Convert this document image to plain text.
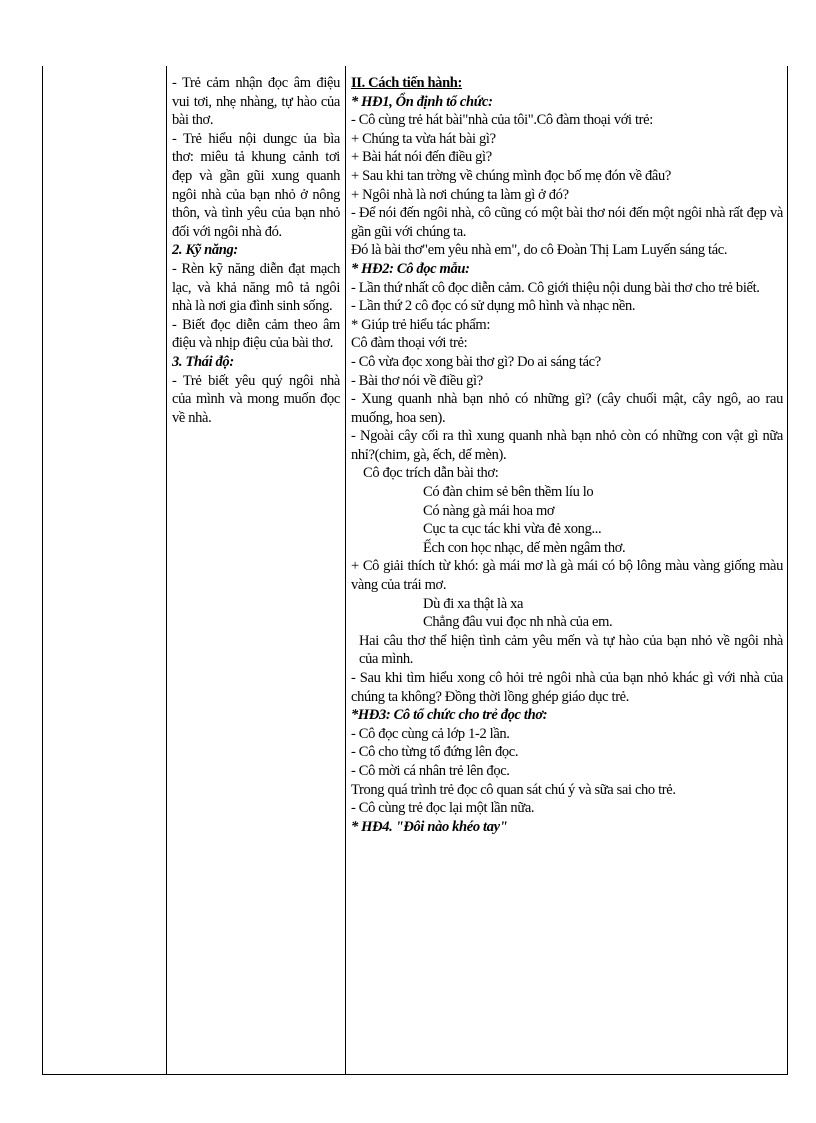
- Trẻ cảm nhận đọc âm điệu vui tơi, nhẹ nhàng, tự hào của bài thơ.
- Trẻ hiểu nội dungc ủa bìa thơ: miêu tả khung cảnh tơi đẹp và gần gũi xung quanh ngôi nhà của bạn nhỏ ở nông thôn, và tình yêu của bạn nhỏ đối với ngôi nhà đó.
2. Kỹ năng:
- Rèn kỹ năng diễn đạt mạch lạc, và khả năng mô tả ngôi nhà là nơi gia đình sinh sống.
- Biết đọc diễn cảm theo âm điệu và nhịp điệu của bài thơ.
3. Thái độ:
- Trẻ biết yêu quý ngôi nhà của mình và mong muốn đọc về nhà.
II. Cách tiến hành:
* HĐ1, Ổn định tổ chức:
- Cô cùng trẻ hát bài"nhà của tôi".Cô đàm thoại với trẻ:
+ Chúng ta vừa hát bài gì?
+ Bài hát nói đến điều gì?
+ Sau khi tan trờng về chúng mình đọc bố mẹ đón về đâu?
+ Ngôi nhà là nơi chúng ta làm gì ở đó?
- Để nói đến ngôi nhà, cô cũng có một bài thơ nói đến một ngôi nhà rất đẹp và gần gũi với chúng ta.
Đó là bài thơ"em yêu nhà em", do cô Đoàn Thị Lam Luyến sáng tác.
* HĐ2: Cô đọc mẫu:
- Lần thứ nhất cô đọc diễn cảm. Cô giới thiệu nội dung bài thơ cho trẻ biết.
- Lần thứ 2 cô đọc có sử dụng mô hình và nhạc nền.
* Giúp trẻ hiểu tác phẩm:
Cô đàm thoại với trẻ:
- Cô vừa đọc xong bài thơ gì? Do ai sáng tác?
- Bài thơ nói về điều gì?
- Xung quanh nhà bạn nhỏ có những gì? (cây chuối mật, cây ngô, ao rau muống, hoa sen).
- Ngoài cây cối ra thì xung quanh nhà bạn nhỏ còn có những con vật gì nữa nhỉ?(chim, gà, ếch, dế mèn).
Cô đọc trích dẫn bài thơ:
Có đàn chim sẻ bên thềm líu lo
Có nàng gà mái hoa mơ
Cục ta cục tác khi vừa đẻ xong...
Ếch con học nhạc, dế mèn ngâm thơ.
+ Cô giải thích từ khó: gà mái mơ là gà mái có bộ lông màu vàng giống màu vàng của trái mơ.
Dù đi xa thật là xa
Chẳng đâu vui đọc nh nhà của em.
Hai câu thơ thể hiện tình cảm yêu mến và tự hào của bạn nhỏ về ngôi nhà của mình.
- Sau khi tìm hiểu xong cô hỏi trẻ ngôi nhà của bạn nhỏ khác gì với nhà của chúng ta không? Đồng thời lồng ghép giáo dục trẻ.
*HĐ3: Cô tổ chức cho trẻ đọc thơ:
- Cô đọc cùng cả lớp 1-2 lần.
- Cô cho từng tổ đứng lên đọc.
- Cô mời cá nhân trẻ lên đọc.
Trong quá trình trẻ đọc cô quan sát chú ý và sữa sai cho trẻ.
- Cô cùng trẻ đọc lại một lần nữa.
* HĐ4. "Đôi nào khéo tay"
